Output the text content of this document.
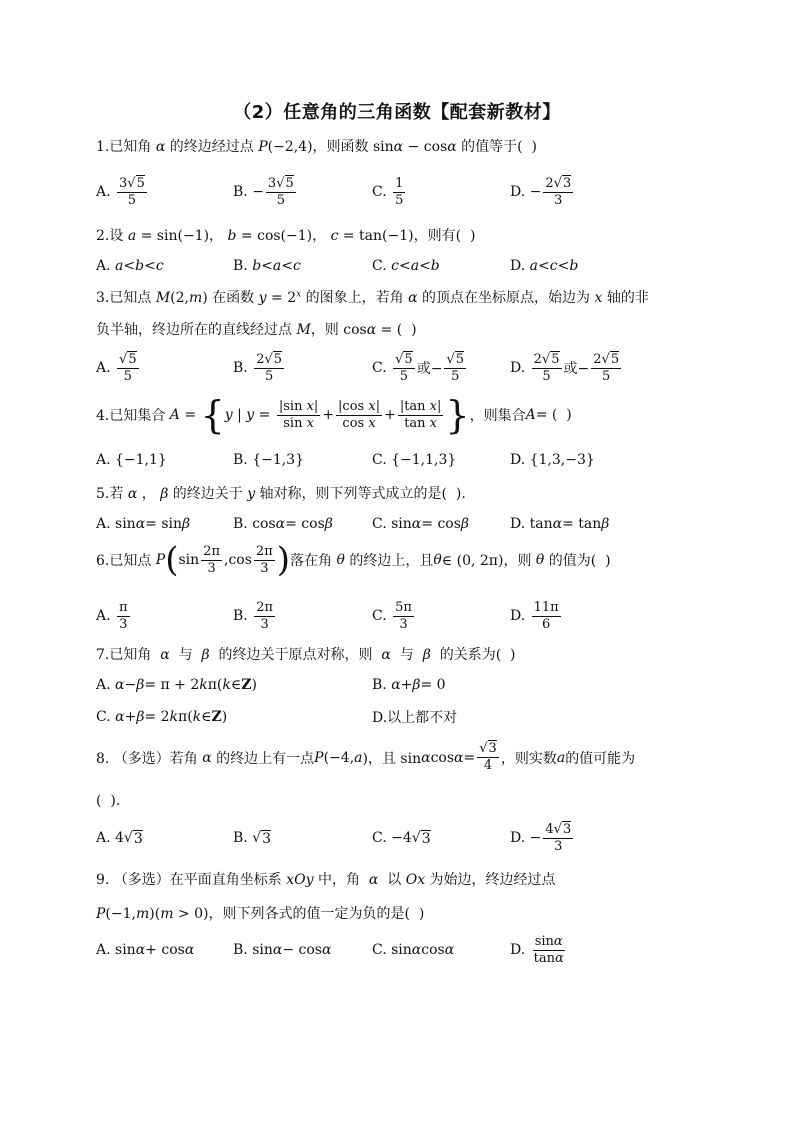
（2）任意角的三角函数【配套新教材】
1.已知角 α 的终边经过点 P(−2,4)，则函数 sinα − cosα 的值等于(  )
A. $\frac{3 √ 5}{5}$	B. − $\frac{3 √ 5}{5}$	C. $\frac{1}{5}$	D. − $\frac{2 √ 3}{3}$
2.设 a = sin(−1)， b = cos(−1)， c = tan(−1)，则有(  )
A. a < b < c	B. b < a < c	C. c < a < b	D. a < c < b
3.已知点 M(2,m) 在函数 $y = 2^x$ 的图象上，若角 α 的顶点在坐标原点，始边为 x 轴的非
负半轴，终边所在的直线经过点 M，则 cosα = (  )
A. √ $\frac{5}{5}$	B. $\frac{2 √ 5}{5}$	C. √ $\frac{5}{5}$ 或− √ $\frac{5}{5}$	D. $\frac{2 √ 5}{5}$ 或− $\frac{2 √ 5}{5}$
4.已知集合 A = { y | $y = \frac{\text{|sin x|}}{\text{sin x}} + \frac{\text{|cos x|}}{\text{cos x}} + \frac{\text{|tan x|}}{\text{tan x}}$ } ，则集合 A = (  )
A. {−1,1}	B. {−1,3}	C. {−1,1,3}	D. {1,3,−3}
5.若 α ， β 的终边关于 y 轴对称，则下列等式成立的是(  ).
A. sin α = sin β	B. cos α = cos β	C. sin α = cos β	D. tan α = tan β
6.已知点 P ( $\sin \frac{2\pi}{3} ,\cos \frac{2\pi}{3}$ ) 落在角 θ 的终边上，且 θ ∈ (0, 2π)，则 θ 的值为(  )
A. $\frac{\pi}{3}$	B. $\frac{2\pi}{3}$	C. $\frac{5\pi}{3}$	D. $\frac{11\pi}{6}$
7.已知角  α  与  β  的终边关于原点对称，则  α  与  β  的关系为(  )
A. α − β = π + 2 k π( k ∈ Z )	B. α + β = 0
C. α + β = 2 k π( k ∈ Z )	D.以上都不对
8. （多选）若角 α 的终边上有一点 P (−4, a )，且 sin α cos α = √ $\frac{3}{4}$ ，则实数 a 的值可能为
(  ).
A. 4 √ 3	B. √ 3	C. −4 √ 3	D. − $\frac{4 √ 3}{3}$
9. （多选）在平面直角坐标系 xOy 中，角  α  以 Ox 为始边，终边经过点
P(−1,m)(m > 0)，则下列各式的值一定为负的是(  )
A. sin α + cos α	B. sin α − cos α	C. sin α cos α	D. $\frac{\sin\alpha}{\tan\alpha}$
